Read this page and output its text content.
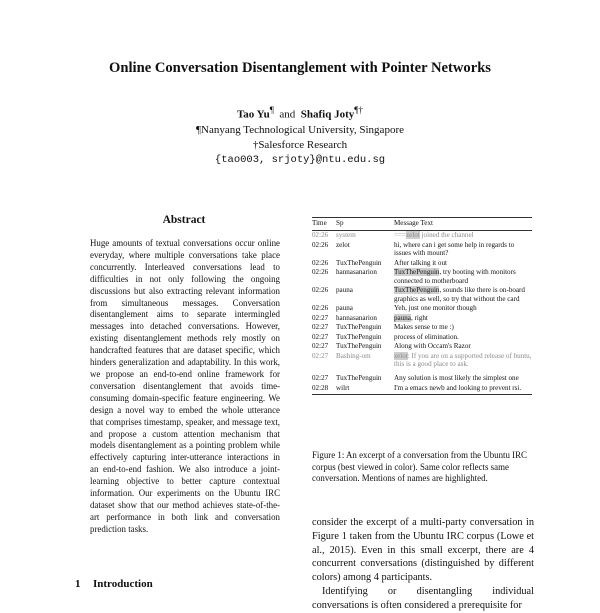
Online Conversation Disentanglement with Pointer Networks
Tao Yu¶ and Shafiq Joty¶†
¶Nanyang Technological University, Singapore
†Salesforce Research
{tao003, srjoty}@ntu.edu.sg
Abstract
Huge amounts of textual conversations occur online everyday, where multiple conversations take place concurrently. Interleaved conversations lead to difficulties in not only following the ongoing discussions but also extracting relevant information from simultaneous messages. Conversation disentanglement aims to separate intermingled messages into detached conversations. However, existing disentanglement methods rely mostly on handcrafted features that are dataset specific, which hinders generalization and adaptability. In this work, we propose an end-to-end online framework for conversation disentanglement that avoids time-consuming domain-specific feature engineering. We design a novel way to embed the whole utterance that comprises timestamp, speaker, and message text, and propose a custom attention mechanism that models disentanglement as a pointing problem while effectively capturing inter-utterance interactions in an end-to-end fashion. We also introduce a joint-learning objective to better capture contextual information. Our experiments on the Ubuntu IRC dataset show that our method achieves state-of-the-art performance in both link and conversation prediction tasks.
1 Introduction
Time	Sp	Message Text
02:26	system	===zelot joined the channel
02:26	zelot	hi, where can i get some help in regards to issues with mount?
02:26	TuxThePenguin	After talking it out
02:26	hannasanarion	TuxThePenguin, try booting with monitors connected to motherboard
02:26	pauna	TuxThePenguin, sounds like there is on-board graphics as well, so try that without the card
02:26	pauna	Yeh, just one monitor though
02:27	hannasanarion	pauna, right
02:27	TuxThePenguin	Makes sense to me :)
02:27	TuxThePenguin	process of elimination.
02:27	TuxThePenguin	Along with Occam's Razor
02:27	Bashing-om	zelot: If you are on a supported release of buntu, this is a good place to ask.
02:27	TuxThePenguin	Any solution is most likely the simplest one
02:28	wilrt	I'm a emacs newb and looking to prevent rsi.
Figure 1: An excerpt of a conversation from the Ubuntu IRC corpus (best viewed in color). Same color reflects same conversation. Mentions of names are highlighted.
consider the excerpt of a multi-party conversation in Figure 1 taken from the Ubuntu IRC corpus (Lowe et al., 2015). Even in this small excerpt, there are 4 concurrent conversations (distinguished by different colors) among 4 participants.
Identifying or disentangling individual conversations is often considered a prerequisite for
